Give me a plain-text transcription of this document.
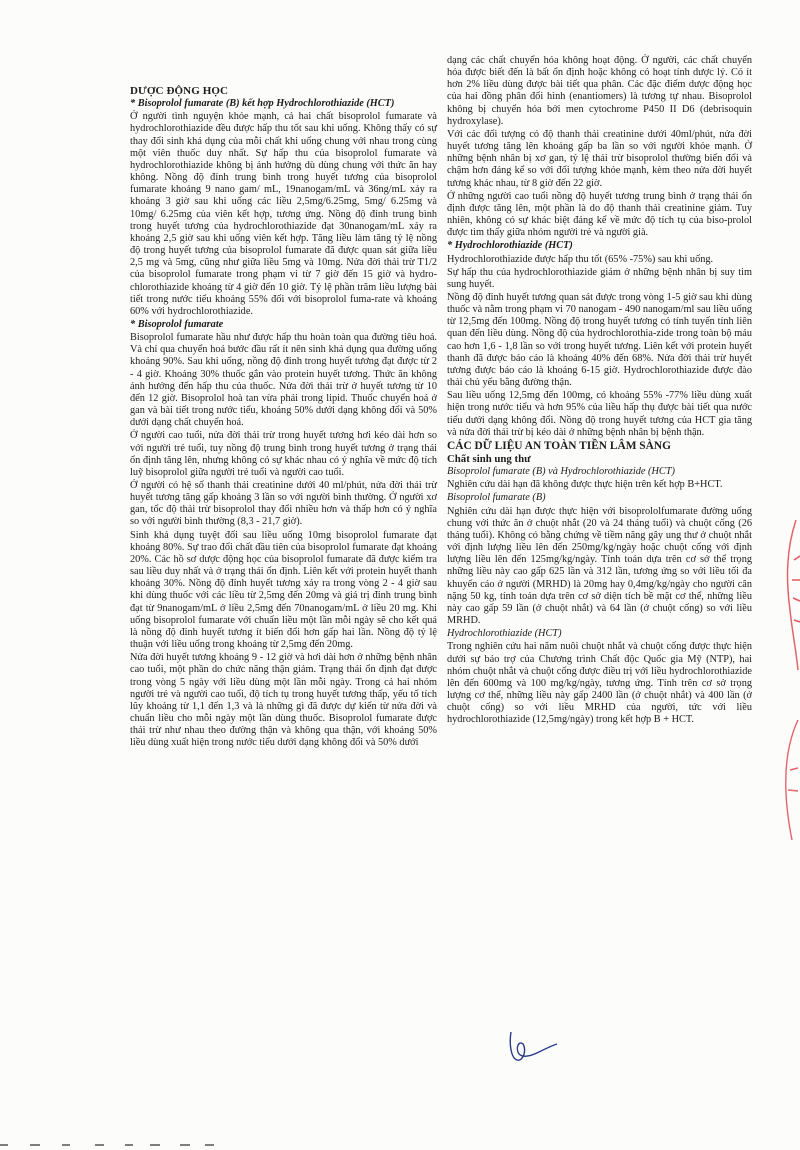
DƯỢC ĐỘNG HỌC

* Bisoprolol fumarate (B) kết hợp Hydrochlorothiazide (HCT)

Ở người tình nguyện khỏe mạnh, cả hai chất bisoprolol fumarate và hydrochlorothiazide đều được hấp thu tốt sau khi uống. Không thấy có sự thay đổi sinh khả dụng của mỗi chất khi uống chung với nhau trong cùng một viên thuốc duy nhất. Sự hấp thu của bisoprolol fumarate và hydrochlorothiazide không bị ảnh hưởng dù dùng chung với thức ăn hay không. Nồng độ đỉnh trung bình trong huyết tương của bisoprolol fumarate khoảng 9 nano gam/ mL, 19nanogam/mL và 36ng/mL xảy ra khoảng 3 giờ sau khi uống các liều 2,5mg/6.25mg, 5mg/ 6.25mg và 10mg/ 6.25mg của viên kết hợp, tương ứng. Nồng độ đỉnh trung bình trong huyết tương của hydrochlorothiazide đạt 30nanogam/mL xảy ra khoảng 2,5 giờ sau khi uống viên kết hợp. Tăng liều làm tăng tỷ lệ nồng độ trong huyết tương của bisoprolol fumarate đã được quan sát giữa liều 2,5 mg và 5mg, cũng như giữa liều 5mg và 10mg. Nửa đời thải trừ T1/2 của bisoprolol fumarate trong phạm vi từ 7 giờ đến 15 giờ và hydro-chlorothiazide khoảng từ 4 giờ đến 10 giờ. Tỷ lệ phần trăm liều lượng bài tiết trong nước tiểu khoảng 55% đối với bisoprolol fuma-rate và khoảng 60% với hydrochlorothiazide.

* Bisoprolol fumarate

Bisoprolol fumarate hầu như được hấp thu hoàn toàn qua đường tiêu hoá. Và chỉ qua chuyển hoá bước đầu rất ít nên sinh khả dụng qua đường uống khoảng 90%. Sau khi uống, nồng độ đỉnh trong huyết tương đạt được từ 2 - 4 giờ. Khoảng 30% thuốc gắn vào protein huyết tương. Thức ăn không ảnh hưởng đến hấp thu của thuốc. Nửa đời thải trừ ở huyết tương từ 10 đến 12 giờ. Bisoprolol hoà tan vừa phải trong lipid. Thuốc chuyển hoá ở gan và bài tiết trong nước tiểu, khoảng 50% dưới dạng không đổi và 50% dưới dạng chất chuyển hoá.

Ở người cao tuổi, nửa đời thải trừ trong huyết tương hơi kéo dài hơn so với người trẻ tuổi, tuy nồng độ trung bình trong huyết tương ở trạng thái ổn định tăng lên, nhưng không có sự khác nhau có ý nghĩa về mức độ tích luỹ bisoprolol giữa người trẻ tuổi và người cao tuổi.

Ở người có hệ số thanh thải creatinine dưới 40 ml/phút, nửa đời thải trừ huyết tương tăng gấp khoảng 3 lần so với người bình thường. Ở người xơ gan, tốc độ thải trừ bisoprolol thay đổi nhiều hơn và thấp hơn có ý nghĩa so với người bình thường (8,3 - 21,7 giờ).

Sinh khả dụng tuyệt đối sau liều uống 10mg bisoprolol fumarate đạt khoảng 80%. Sự trao đổi chất đầu tiên của bisoprolol fumarate đạt khoảng 20%. Các hồ sơ dược động học của bisoprolol fumarate đã được kiểm tra sau liều duy nhất và ở trạng thái ổn định. Liên kết với protein huyết thanh khoảng 30%. Nồng độ đỉnh huyết tương xảy ra trong vòng 2 - 4 giờ sau khi dùng thuốc với các liều từ 2,5mg đến 20mg và giá trị đỉnh trung bình đạt từ 9nanogam/mL ở liều 2,5mg đến 70nanogam/mL ở liều 20 mg. Khi uống bisoprolol fumarate với chuẩn liều một lần mỗi ngày sẽ cho kết quả là nồng độ đỉnh huyết tương ít biến đổi hơn gấp hai lần. Nồng độ tỷ lệ thuận với liều uống trong khoảng từ 2,5mg đến 20mg.

Nửa đời huyết tương khoảng 9 - 12 giờ và hơi dài hơn ở những bệnh nhân cao tuổi, một phần do chức năng thận giảm. Trạng thái ổn định đạt được trong vòng 5 ngày với liều dùng một lần mỗi ngày. Trong cả hai nhóm người trẻ và người cao tuổi, độ tích tụ trong huyết tương thấp, yếu tố tích lũy khoảng từ 1,1 đến 1,3 và là những gì đã được dự kiến từ nửa đời và chuẩn liều cho mỗi ngày một lần dùng thuốc. Bisoprolol fumarate được thải trừ như nhau theo đường thận và không qua thận, với khoảng 50% liều dùng xuất hiện trong nước tiểu dưới dạng không đổi và 50% dưới

dạng các chất chuyển hóa không hoạt động. Ở người, các chất chuyển hóa được biết đến là bất ổn định hoặc không có hoạt tính dược lý. Có ít hơn 2% liều dùng được bài tiết qua phân. Các đặc điểm dược động học của hai đồng phân đối hình (enantiomers) là tương tự nhau. Bisoprolol không bị chuyển hóa bởi men cytochrome P450 II D6 (debrisoquin hydroxylase).

Với các đối tượng có độ thanh thải creatinine dưới 40ml/phút, nửa đời huyết tương tăng lên khoảng gấp ba lần so với người khỏe mạnh. Ở những bệnh nhân bị xơ gan, tỷ lệ thải trừ bisoprolol thường biến đổi và chậm hơn đáng kể so với đối tượng khỏe mạnh, kèm theo nửa đời huyết tương khác nhau, từ 8 giờ đến 22 giờ.

Ở những người cao tuổi nồng độ huyết tương trung bình ở trạng thái ổn định được tăng lên, một phần là do độ thanh thải creatinine giảm. Tuy nhiên, không có sự khác biệt đáng kể về mức độ tích tụ của biso-prolol được tìm thấy giữa nhóm người trẻ và người già.

* Hydrochlorothiazide (HCT)

Hydrochlorothiazide được hấp thu tốt (65% -75%) sau khi uống.

Sự hấp thu của hydrochlorothiazide giảm ở những bệnh nhân bị suy tim sung huyết.

Nồng độ đỉnh huyết tương quan sát được trong vòng 1-5 giờ sau khi dùng thuốc và nằm trong phạm vi 70 nanogam - 490 nanogam/ml sau liều uống từ 12,5mg đến 100mg. Nồng độ trong huyết tương có tính tuyến tính liên quan đến liều dùng. Nồng độ của hydrochlorothia-zide trong toàn bộ máu cao hơn 1,6 - 1,8 lần so với trong huyết tương. Liên kết với protein huyết thanh đã được báo cáo là khoảng 40% đến 68%. Nửa đời thải trừ huyết tương được báo cáo là khoảng 6-15 giờ. Hydrochlorothiazide được đào thải chủ yếu bằng đường thận.

Sau liều uống 12,5mg đến 100mg, có khoảng 55% -77% liều dùng xuất hiện trong nước tiểu và hơn 95% của liều hấp thụ được bài tiết qua nước tiểu dưới dạng không đổi. Nồng độ trong huyết tương của HCT gia tăng và nửa đời thải trừ bị kéo dài ở những bệnh nhân bị bệnh thận.

CÁC DỮ LIỆU AN TOÀN TIỀN LÂM SÀNG

Chất sinh ung thư

Bisoprolol fumarate (B) và Hydrochlorothiazide (HCT)

Nghiên cứu dài hạn đã không được thực hiện trên kết hợp B+HCT.

Bisoprolol fumarate (B)

Nghiên cứu dài hạn được thực hiện với bisoprololfumarate đường uống chung với thức ăn ở chuột nhắt (20 và 24 tháng tuổi) và chuột cống (26 tháng tuổi). Không có bằng chứng về tiềm năng gây ung thư ở chuột nhắt với định lượng liều lên đến 250mg/kg/ngày hoặc chuột cống với định lượng liều lên đến 125mg/kg/ngày. Tính toán dựa trên cơ sở thể trọng những liều này cao gấp 625 lần và 312 lần, tương ứng so với liều tối đa khuyến cáo ở người (MRHD) là 20mg hay 0,4mg/kg/ngày cho người cân nặng 50 kg, tính toán dựa trên cơ sở diện tích bề mặt cơ thể, những liều này cao gấp 59 lần (ở chuột nhắt) và 64 lần (ở chuột cống) so với liều MRHD.

Hydrochlorothiazide (HCT)

Trong nghiên cứu hai năm nuôi chuột nhắt và chuột cống được thực hiện dưới sự bảo trợ của Chương trình Chất độc Quốc gia Mỹ (NTP), hai nhóm chuột nhắt và chuột cống được điều trị với liều hydrochlorothiazide lên đến 600mg và 100 mg/kg/ngày, tương ứng. Tính trên cơ sở trọng lượng cơ thể, những liều này gấp 2400 lần (ở chuột nhắt) và 400 lần (ở chuột cống) so với liều MRHD của người, tức với liều hydrochlorothiazide (12,5mg/ngày) trong kết hợp B + HCT.
